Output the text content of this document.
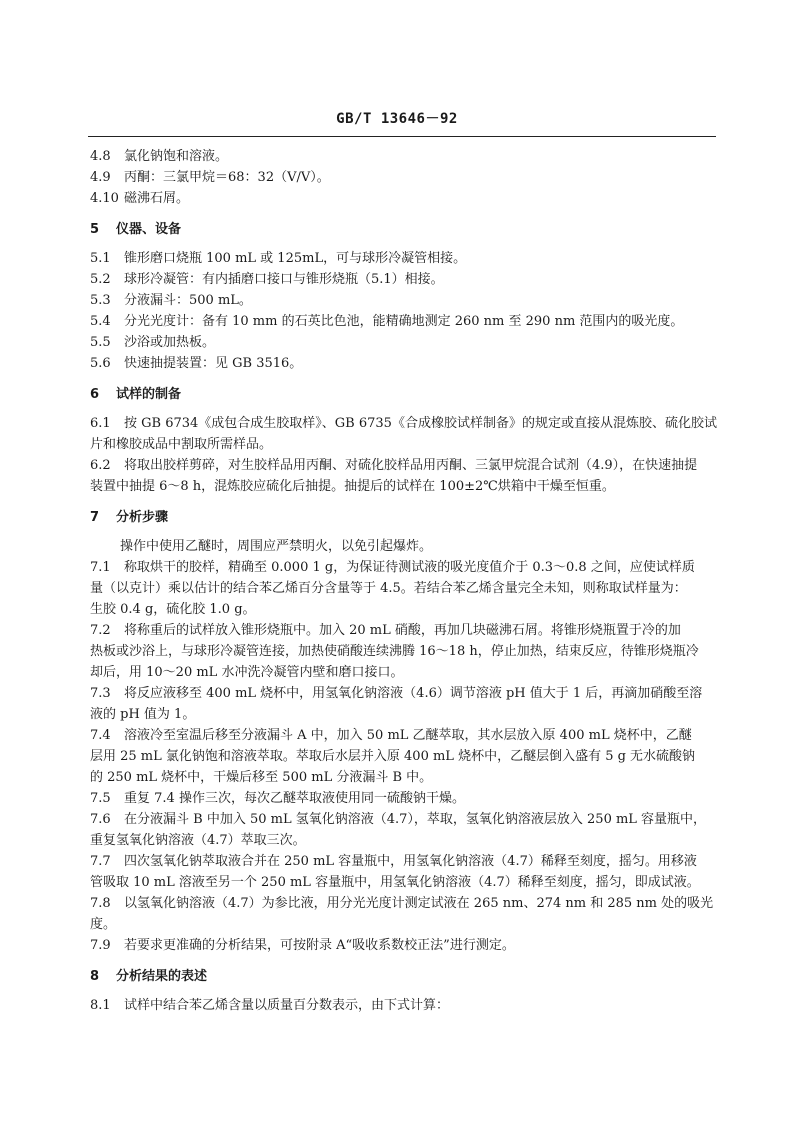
GB/T 13646－92
4.8 氯化钠饱和溶液。
4.9 丙酮：三氯甲烷＝68：32（V/V）。
4.10 磁沸石屑。
5 仪器、设备
5.1 锥形磨口烧瓶 100 mL 或 125mL，可与球形冷凝管相接。
5.2 球形冷凝管：有内插磨口接口与锥形烧瓶（5.1）相接。
5.3 分液漏斗：500 mL。
5.4 分光光度计：备有 10 mm 的石英比色池，能精确地测定 260 nm 至 290 nm 范围内的吸光度。
5.5 沙浴或加热板。
5.6 快速抽提装置：见 GB 3516。
6 试样的制备
6.1 按 GB 6734《成包合成生胶取样》、GB 6735《合成橡胶试样制备》的规定或直接从混炼胶、硫化胶试
片和橡胶成品中割取所需样品。
6.2 将取出胶样剪碎，对生胶样品用丙酮、对硫化胶样品用丙酮、三氯甲烷混合试剂（4.9），在快速抽提
装置中抽提 6～8 h，混炼胶应硫化后抽提。抽提后的试样在 100±2℃烘箱中干燥至恒重。
7 分析步骤
操作中使用乙醚时，周围应严禁明火，以免引起爆炸。
7.1 称取烘干的胶样，精确至 0.000 1 g，为保证待测试液的吸光度值介于 0.3～0.8 之间，应使试样质
量（以克计）乘以估计的结合苯乙烯百分含量等于 4.5。若结合苯乙烯含量完全未知，则称取试样量为：
生胶 0.4 g，硫化胶 1.0 g。
7.2 将称重后的试样放入锥形烧瓶中。加入 20 mL 硝酸，再加几块磁沸石屑。将锥形烧瓶置于冷的加
热板或沙浴上，与球形冷凝管连接，加热使硝酸连续沸腾 16～18 h，停止加热，结束反应，待锥形烧瓶冷
却后，用 10～20 mL 水冲洗冷凝管内壁和磨口接口。
7.3 将反应液移至 400 mL 烧杯中，用氢氧化钠溶液（4.6）调节溶液 pH 值大于 1 后，再滴加硝酸至溶
液的 pH 值为 1。
7.4 溶液冷至室温后移至分液漏斗 A 中，加入 50 mL 乙醚萃取，其水层放入原 400 mL 烧杯中，乙醚
层用 25 mL 氯化钠饱和溶液萃取。萃取后水层并入原 400 mL 烧杯中，乙醚层倒入盛有 5 g 无水硫酸钠
的 250 mL 烧杯中，干燥后移至 500 mL 分液漏斗 B 中。
7.5 重复 7.4 操作三次，每次乙醚萃取液使用同一硫酸钠干燥。
7.6 在分液漏斗 B 中加入 50 mL 氢氧化钠溶液（4.7），萃取，氢氧化钠溶液层放入 250 mL 容量瓶中，
重复氢氧化钠溶液（4.7）萃取三次。
7.7 四次氢氧化钠萃取液合并在 250 mL 容量瓶中，用氢氧化钠溶液（4.7）稀释至刻度，摇匀。用移液
管吸取 10 mL 溶液至另一个 250 mL 容量瓶中，用氢氧化钠溶液（4.7）稀释至刻度，摇匀，即成试液。
7.8 以氢氧化钠溶液（4.7）为参比液，用分光光度计测定试液在 265 nm、274 nm 和 285 nm 处的吸光
度。
7.9 若要求更准确的分析结果，可按附录 A“吸收系数校正法”进行测定。
8 分析结果的表述
8.1 试样中结合苯乙烯含量以质量百分数表示，由下式计算：
